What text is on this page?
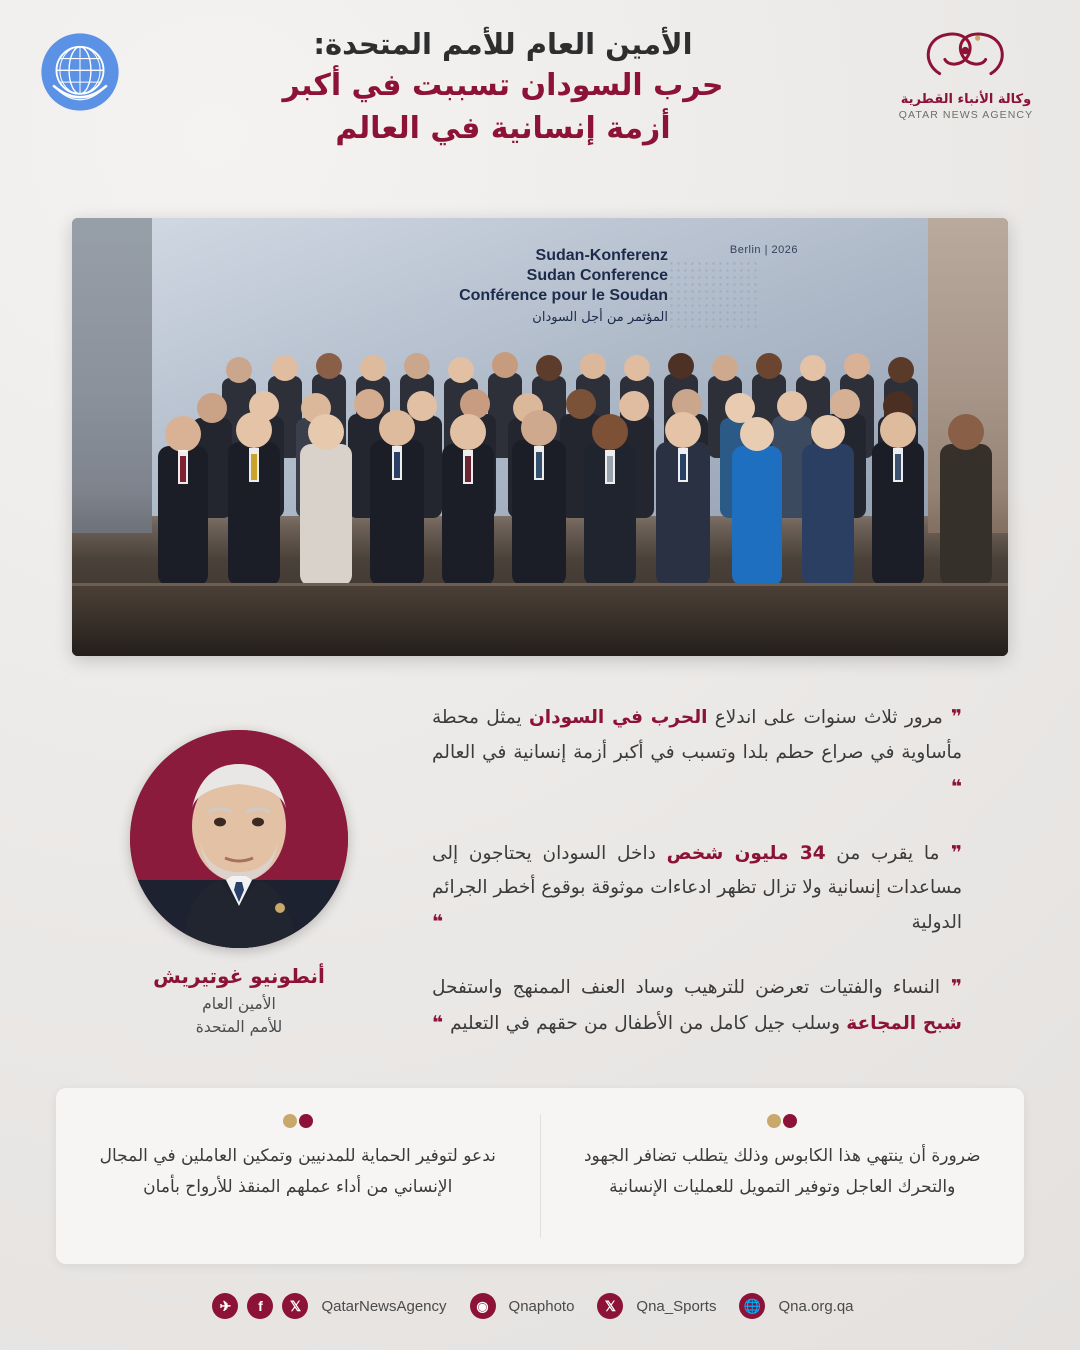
الأمين العام للأمم المتحدة:
حرب السودان تسببت في أكبر
أزمة إنسانية في العالم
وكالة الأنباء القطرية
QATAR NEWS AGENCY
2026 | Berlin
Sudan-Konferenz
Sudan Conference
Conférence pour le Soudan
المؤتمر من أجل السودان
❞ مرور ثلاث سنوات على اندلاع الحرب في السودان يمثل محطة مأساوية في صراع حطم بلدا وتسبب في أكبر أزمة إنسانية في العالم ❝
❞ ما يقرب من 34 مليون شخص داخل السودان يحتاجون إلى مساعدات إنسانية ولا تزال تظهر ادعاءات موثوقة بوقوع أخطر الجرائم الدولية ❝
❞ النساء والفتيات تعرضن للترهيب وساد العنف الممنهج واستفحل شبح المجاعة وسلب جيل كامل من الأطفال من حقهم في التعليم ❝
أنطونيو غوتيريش
الأمين العام
للأمم المتحدة

ضرورة أن ينتهي هذا الكابوس وذلك يتطلب تضافر الجهود والتحرك العاجل وتوفير التمويل للعمليات الإنسانية

ندعو لتوفير الحماية للمدنيين وتمكين العاملين في المجال الإنساني من أداء عملهم المنقذ للأرواح بأمان

✈	f	𝕏	QatarNewsAgency	◉	Qnaphoto	𝕏	Qna_Sports	🌐 Qna.org.qa
